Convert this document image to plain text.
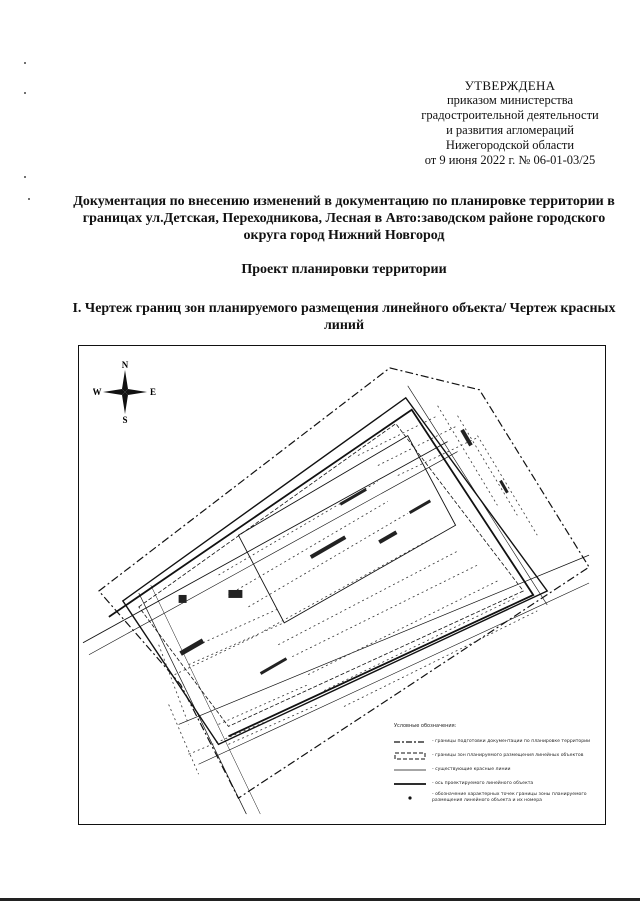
УТВЕРЖДЕНА
приказом министерства
градостроительной деятельности
и развития агломераций
Нижегородской области
от 9 июня 2022 г. № 06-01-03/25
Документация по внесению изменений в документацию по планировке территории в границах ул.Детская, Переходникова, Лесная в Авто:заводском районе городского округа город Нижний Новгород
Проект планировки территории
I. Чертеж границ зон планируемого размещения линейного объекта/ Чертеж красных линий
N
S
W	E
Условные обозначения:
- границы подготовки документации по планировке территории
- границы зон планируемого размещения линейных объектов
- существующие красные линии
- ось проектируемого линейного объекта
- обозначение характерных точек границы зоны планируемого размещения линейного объекта и их номера
